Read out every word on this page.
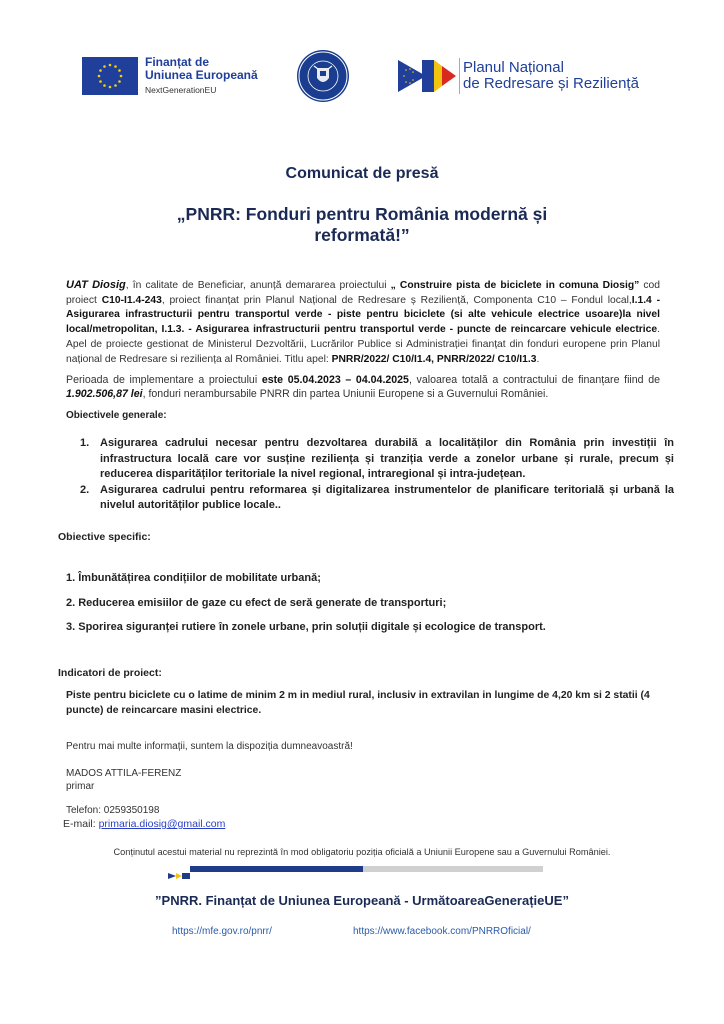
Finanțat de
Uniunea Europeană
NextGenerationEU
Planul Național
de Redresare și Reziliență
Comunicat de presă
„PNRR: Fonduri pentru România modernă și reformată!”
UAT Diosig, în calitate de Beneficiar, anunță demararea proiectului „ Construire pista de biciclete in comuna Diosig” cod proiect C10-I1.4-243, proiect finanțat prin Planul Național de Redresare ș Reziliență, Componenta C10 – Fondul local,I.1.4 - Asigurarea infrastructurii pentru transportul verde - piste pentru biciclete (si alte vehicule electrice usoare)la nivel local/metropolitan, I.1.3. - Asigurarea infrastructurii pentru transportul verde - puncte de reincarcare vehicule electrice. Apel de proiecte gestionat de Ministerul Dezvoltării, Lucrărilor Publice si Administrației finanțat din fonduri europene prin Planul național de Redresare si reziliența al României. Titlu apel: PNRR/2022/ C10/I1.4, PNRR/2022/ C10/I1.3.
Perioada de implementare a proiectului este 05.04.2023 – 04.04.2025, valoarea totală a contractului de finanțare fiind de 1.902.506,87 lei, fonduri nerambursabile PNRR din partea Uniunii Europene si a Guvernului României.
Obiectivele generale:
1. Asigurarea cadrului necesar pentru dezvoltarea durabilă a localităților din România prin investiții în infrastructura locală care vor susține reziliența și tranziția verde a zonelor urbane și rurale, precum și reducerea disparităților teritoriale la nivel regional, intraregional și intra-județean.
2. Asigurarea cadrului pentru reformarea și digitalizarea instrumentelor de planificare teritorială și urbană la nivelul autorităților publice locale..
Obiective specific:
1. Îmbunătățirea condițiilor de mobilitate urbană;
2. Reducerea emisiilor de gaze cu efect de seră generate de transporturi;
3. Sporirea siguranței rutiere în zonele urbane, prin soluții digitale și ecologice de transport.
Indicatori de proiect:
Piste pentru biciclete cu o latime de minim 2 m in mediul rural, inclusiv in extravilan in lungime de 4,20 km si 2 statii (4 puncte) de reincarcare masini electrice.
Pentru mai multe informații, suntem la dispoziția dumneavoastră!
MADOS ATTILA-FERENZ
primar
Telefon: 0259350198
E-mail: primaria.diosig@gmail.com
Conținutul acestui material nu reprezintă în mod obligatoriu poziția oficială a Uniunii Europene sau a Guvernului României.
”PNRR. Finanțat de Uniunea Europeană - UrmătoareaGenerațieUE”
https://mfe.gov.ro/pnrr/	https://www.facebook.com/PNRROficial/
